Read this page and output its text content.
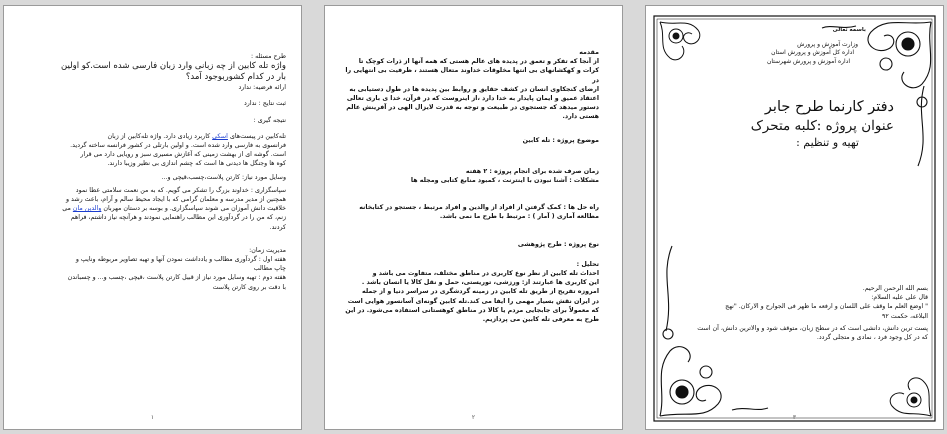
طرح مسئله :
واژه تله کابین از چه زبانی وارد زبان فارسی شده است.کو اولین
بار در کدام کشوربوجود آمد؟
ارائه فرضیه: ندارد
ثبت نتایج : ندارد
نتیجه گیری :
تله‌کابین در پیست‌های اسکی کاربرد زیادی دارد. واژه تله‌کابین از زبان
فرانسوی به فارسی وارد شده است. و اولین بارتلی در کشور فرانسه ساخته گردید.
است. گوشه ای از بهشت زمینی که آغازش مسیری سبز و رویایی دارد می قرار
کوه ها وجنگل ها دیدنی ها است که چشم اندازی بی نظیر وزیبا دارند.
وسایل مورد نیاز: کارتن پلاست،چسب،قیچی و...
سپاسگزاری : خداوند بزرگ را تشکر می گویم. که به من نعمت سلامتی عطا نمود
همچنین از مدیر مدرسه و معلمان گرامی که با ایجاد محیط سالم و آرام، باعث رشد و
خلاقیت دانش آموزان می شوند سپاسگزاری. و بوسه بر دستان مهربان والدین مان می
زنم، که من را در گردآوری این مطالب راهنمایی نمودند و هرآنچه نیاز داشتم، فراهم
کردند.
مدیریت زمان:
هفته اول : گردآوری مطالب و یادداشت نمودن آنها و تهیه تصاویر مربوطه ونایپ و
چاپ مطالب
هفته دوم : تهیه وسایل مورد نیاز از قبیل کارتن پلاست ،قیچی ،چسب و... و چسباندن
با دقت بر روی کارتن پلاست
۱
مقدمه
از آنجا که تفکر و تعمق در پدیده های عالم هستی که همه آنها از ذرات کوچک تا
کرات و کهکشانهای بی انتها مخلوقات خداوند متعال هستند ، ظرفیت بی انتهایی را در
ارضای کنجکاوی انسان در کشف حقایق و روابط بین پدیده ها در طول دستیابی به
اعتقاد عمیق و ایمان پایدار به خدا دارد ،از اینروست که در قرآن، خدا ی باری تعالی
دستور میدهد که جستجوی در طبیعت و توجه به قدرت لایزال الهی در آفرینش عالم
هستی دارد.
موضوع پروژه : تله کابین
زمان صرف شده برای انجام پروژه : ۲ هفته
مشکلات : آشنا نبودن با اینترنت ، کمبود منابع کتابی ومجله ها
راه حل ها : کمک گرفتن از افراد از والدین و افراد مرتبط ، جستجو در کتابخانه
مطالعه آماری ( آمار ) : مرتبط با طرح ما نمی باشد.
نوع پروژه : طرح پژوهشی
تحلیل :
احداث تله کابین از نظر نوع کاربری در مناطق مختلف، متفاوت می باشد و
این کاربری ها عبارتند از: ورزشی، توریستی، حمل و نقل کالا یا انسان باشد .
امروزه تفریح از طریق تله کابین در زمینه گردشگری در سراسر دنیا و از جمله
در ایران نقش بسیار مهمی را ایفا می کند.تله کابین گونه‌ای آسانسور هوایی است
که معمولاً برای جابجایی مردم یا کالا در مناطق کوهستانی استفاده می‌شود. در این
طرح به معرفی تله کابین می پردازیم.
۲
باسمه تعالی
وزارت آموزش و پرورش
اداره کل آموزش و پرورش استان
اداره آموزش و پرورش شهرستان
دفتر کارنما طرح جابر
عنوان پروژه :کلبه متحرک
تهیه و تنظیم :
بسم الله الرحمن الرحیم.
قال علی علیه السلام:
" اوضع العلم ما وقف علی اللسان و ارفعه ما ظهر فی الجوارح و الارکان. "نهج
البلاغه، حکمت ۹۲
پست ترین دانش، دانشی است که در سطح زبان، متوقف شود و والاترین دانش، آن است
که در کل وجود فرد ، نمادی و متجلی گردد.
۳
